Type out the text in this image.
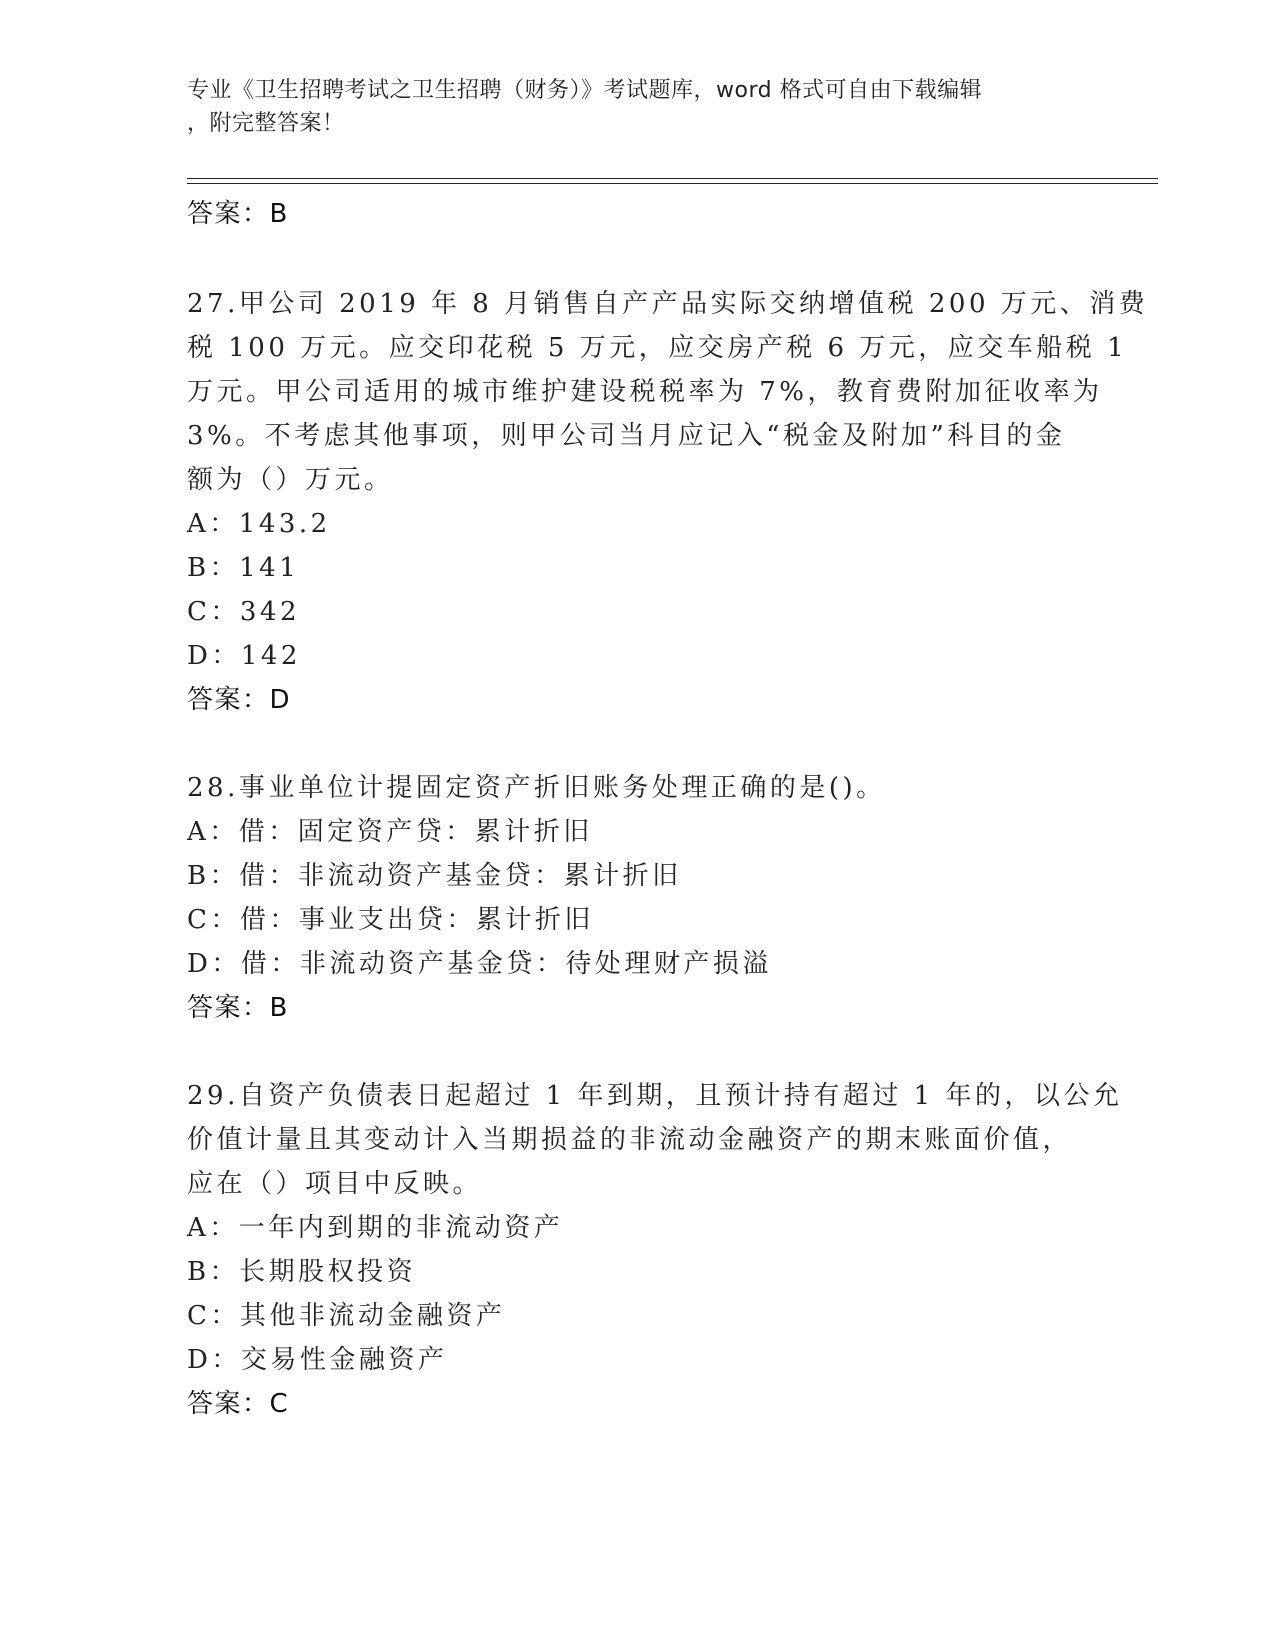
专业《卫生招聘考试之卫生招聘（财务）》考试题库，word 格式可自由下载编辑
，附完整答案！
答案：B
27.甲公司 2019 年 8 月销售自产产品实际交纳增值税 200 万元、消费
税 100 万元。应交印花税 5 万元，应交房产税 6 万元，应交车船税 1
万元。甲公司适用的城市维护建设税税率为 7%，教育费附加征收率为
3%。不考虑其他事项，则甲公司当月应记入“税金及附加”科目的金
额为（）万元。
A：143.2
B：141
C：342
D：142
答案：D
28.事业单位计提固定资产折旧账务处理正确的是()。
A：借：固定资产贷：累计折旧
B：借：非流动资产基金贷：累计折旧
C：借：事业支出贷：累计折旧
D：借：非流动资产基金贷：待处理财产损溢
答案：B
29.自资产负债表日起超过 1 年到期，且预计持有超过 1 年的，以公允
价值计量且其变动计入当期损益的非流动金融资产的期末账面价值，
应在（）项目中反映。
A：一年内到期的非流动资产
B：长期股权投资
C：其他非流动金融资产
D：交易性金融资产
答案：C
